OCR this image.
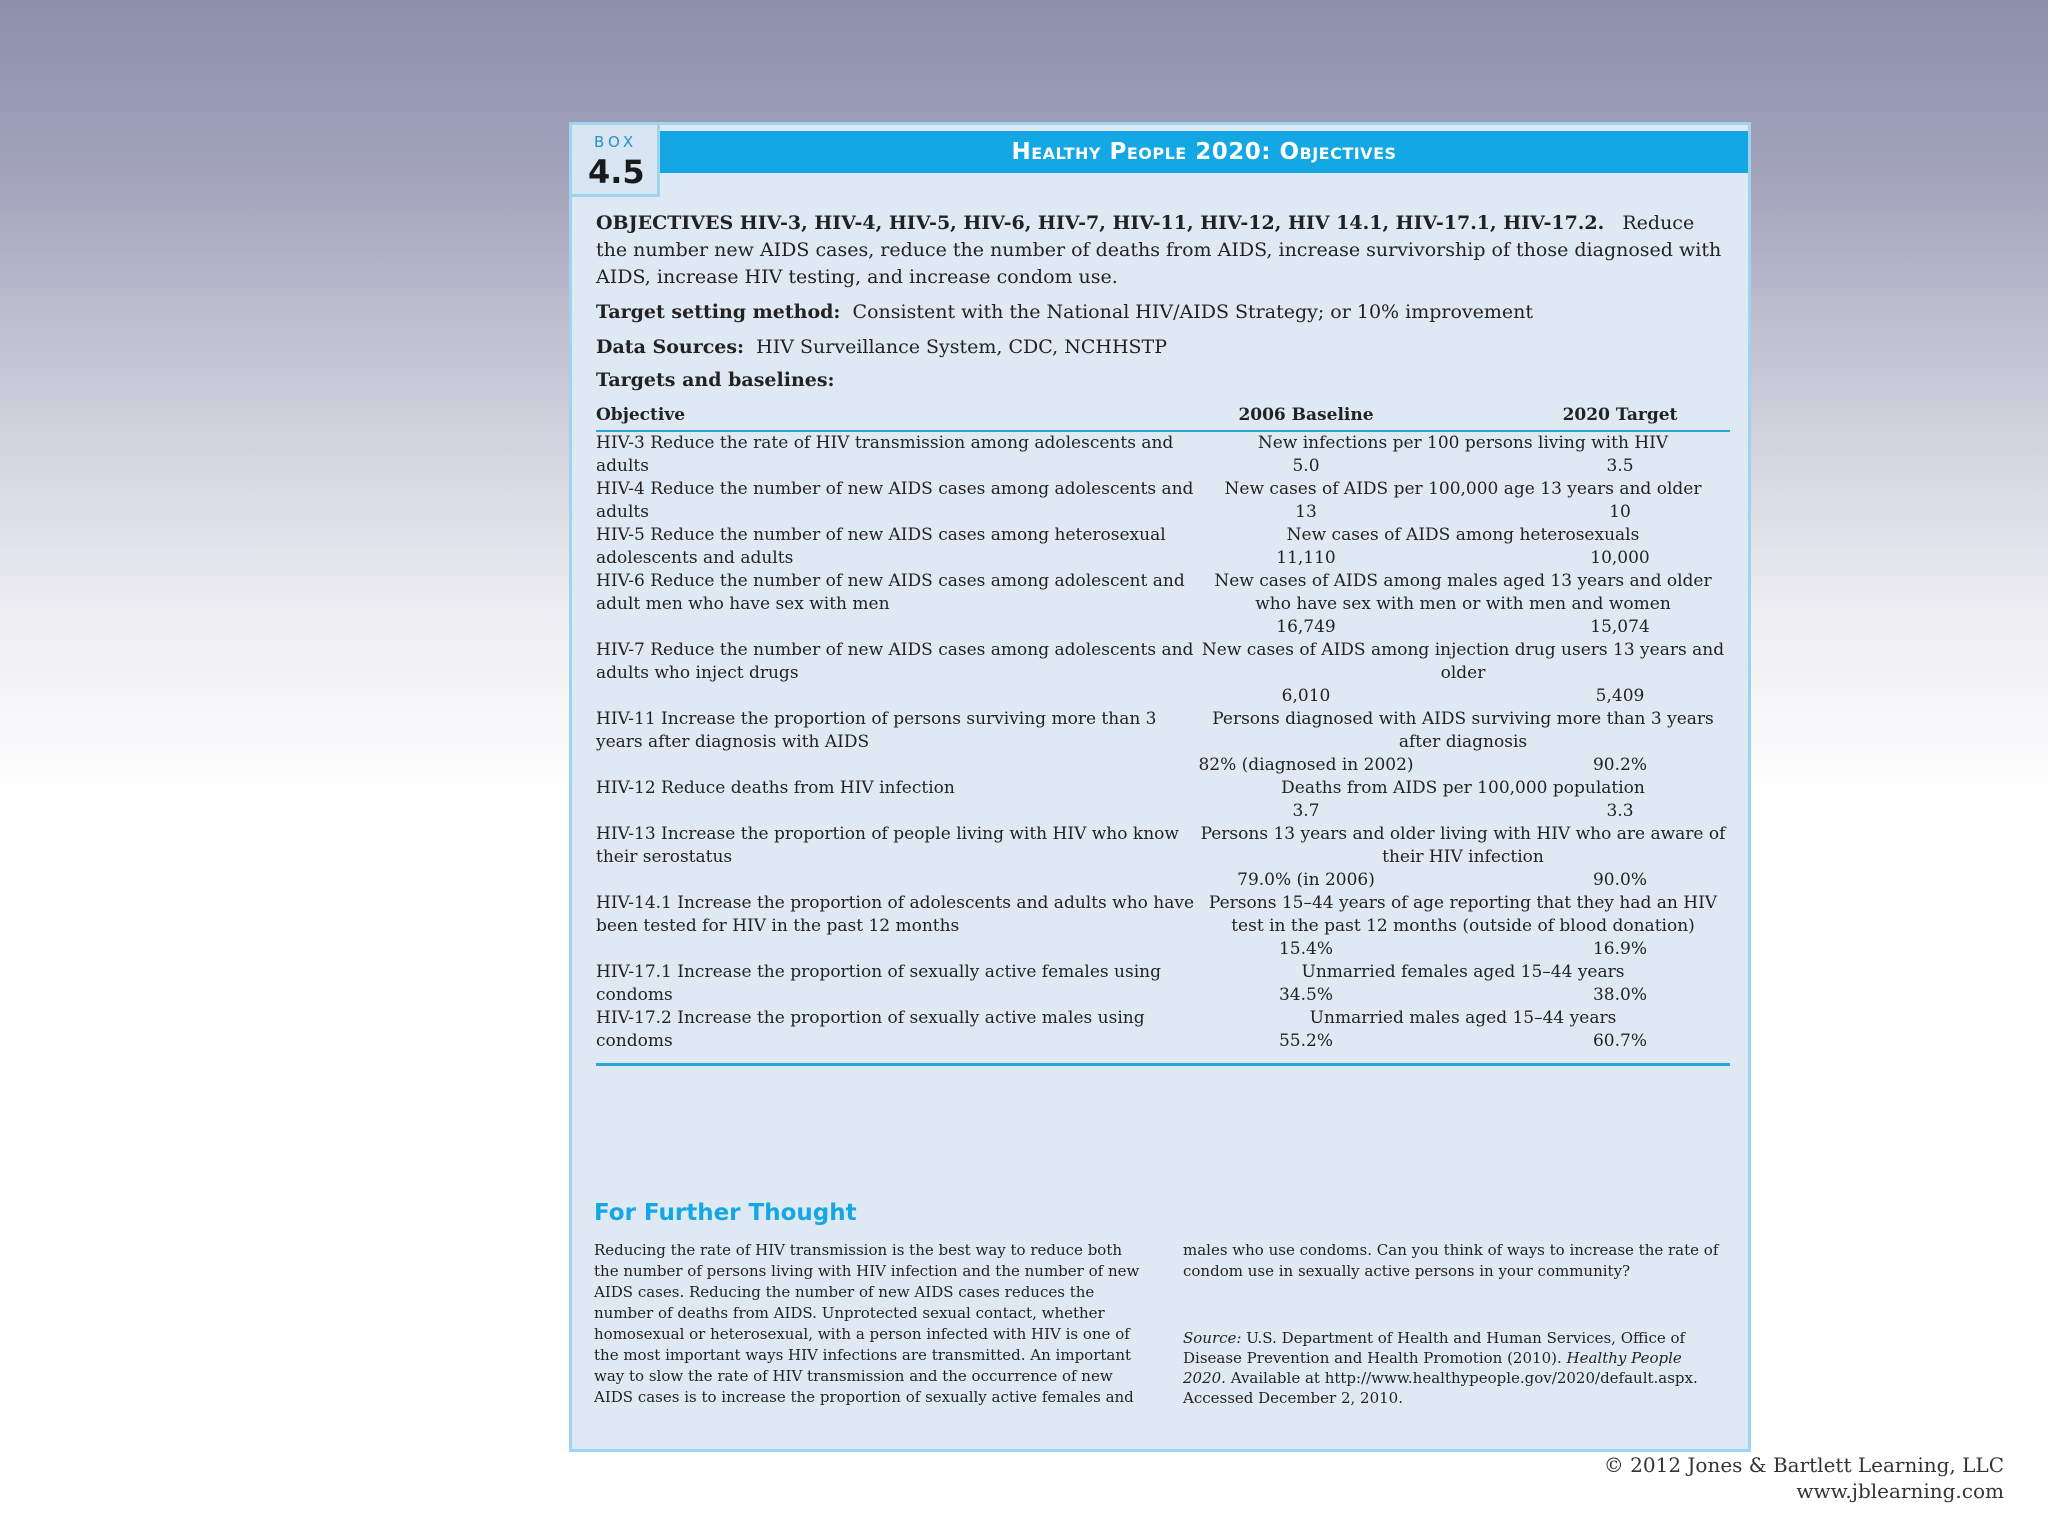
BOX
4.5
Healthy People 2020: Objectives

OBJECTIVES HIV-3, HIV-4, HIV-5, HIV-6, HIV-7, HIV-11, HIV-12, HIV 14.1, HIV-17.1, HIV-17.2. Reduce the number new AIDS cases, reduce the number of deaths from AIDS, increase survivorship of those diagnosed with AIDS, increase HIV testing, and increase condom use.

Target setting method: Consistent with the National HIV/AIDS Strategy; or 10% improvement

Data Sources: HIV Surveillance System, CDC, NCHHSTP

Targets and baselines:
Objective	2006 Baseline 2020 Target

HIV-3 Reduce the rate of HIV transmission among adolescents and adults	New infections per 100 persons living with HIV
5.0 3.5

HIV-4 Reduce the number of new AIDS cases among adolescents and adults	New cases of AIDS per 100,000 age 13 years and older
13 10

HIV-5 Reduce the number of new AIDS cases among heterosexual adolescents and adults	New cases of AIDS among heterosexuals
11,110 10,000

HIV-6 Reduce the number of new AIDS cases among adolescent and adult men who have sex with men	New cases of AIDS among males aged 13 years and older who have sex with men or with men and women
16,749 15,074

HIV-7 Reduce the number of new AIDS cases among adolescents and adults who inject drugs	New cases of AIDS among injection drug users 13 years and older
6,010 5,409

HIV-11 Increase the proportion of persons surviving more than 3 years after diagnosis with AIDS	Persons diagnosed with AIDS surviving more than 3 years after diagnosis
82% (diagnosed in 2002) 90.2%

HIV-12 Reduce deaths from HIV infection	Deaths from AIDS per 100,000 population
3.7 3.3

HIV-13 Increase the proportion of people living with HIV who know their serostatus	Persons 13 years and older living with HIV who are aware of their HIV infection
79.0% (in 2006) 90.0%

HIV-14.1 Increase the proportion of adolescents and adults who have been tested for HIV in the past 12 months	Persons 15–44 years of age reporting that they had an HIV test in the past 12 months (outside of blood donation)
15.4% 16.9%

HIV-17.1 Increase the proportion of sexually active females using condoms	Unmarried females aged 15–44 years
34.5% 38.0%

HIV-17.2 Increase the proportion of sexually active males using condoms	Unmarried males aged 15–44 years
55.2% 60.7%
For Further Thought
Reducing the rate of HIV transmission is the best way to reduce both the number of persons living with HIV infection and the number of new AIDS cases. Reducing the number of new AIDS cases reduces the number of deaths from AIDS. Unprotected sexual contact, whether homosexual or heterosexual, with a person infected with HIV is one of the most important ways HIV infections are transmitted. An important way to slow the rate of HIV transmission and the occurrence of new AIDS cases is to increase the proportion of sexually active females and
males who use condoms. Can you think of ways to increase the rate of condom use in sexually active persons in your community?
Source: U.S. Department of Health and Human Services, Office of Disease Prevention and Health Promotion (2010). Healthy People 2020. Available at http://www.healthypeople.gov/2020/default.aspx. Accessed December 2, 2010.
© 2012 Jones & Bartlett Learning, LLC
www.jblearning.com
